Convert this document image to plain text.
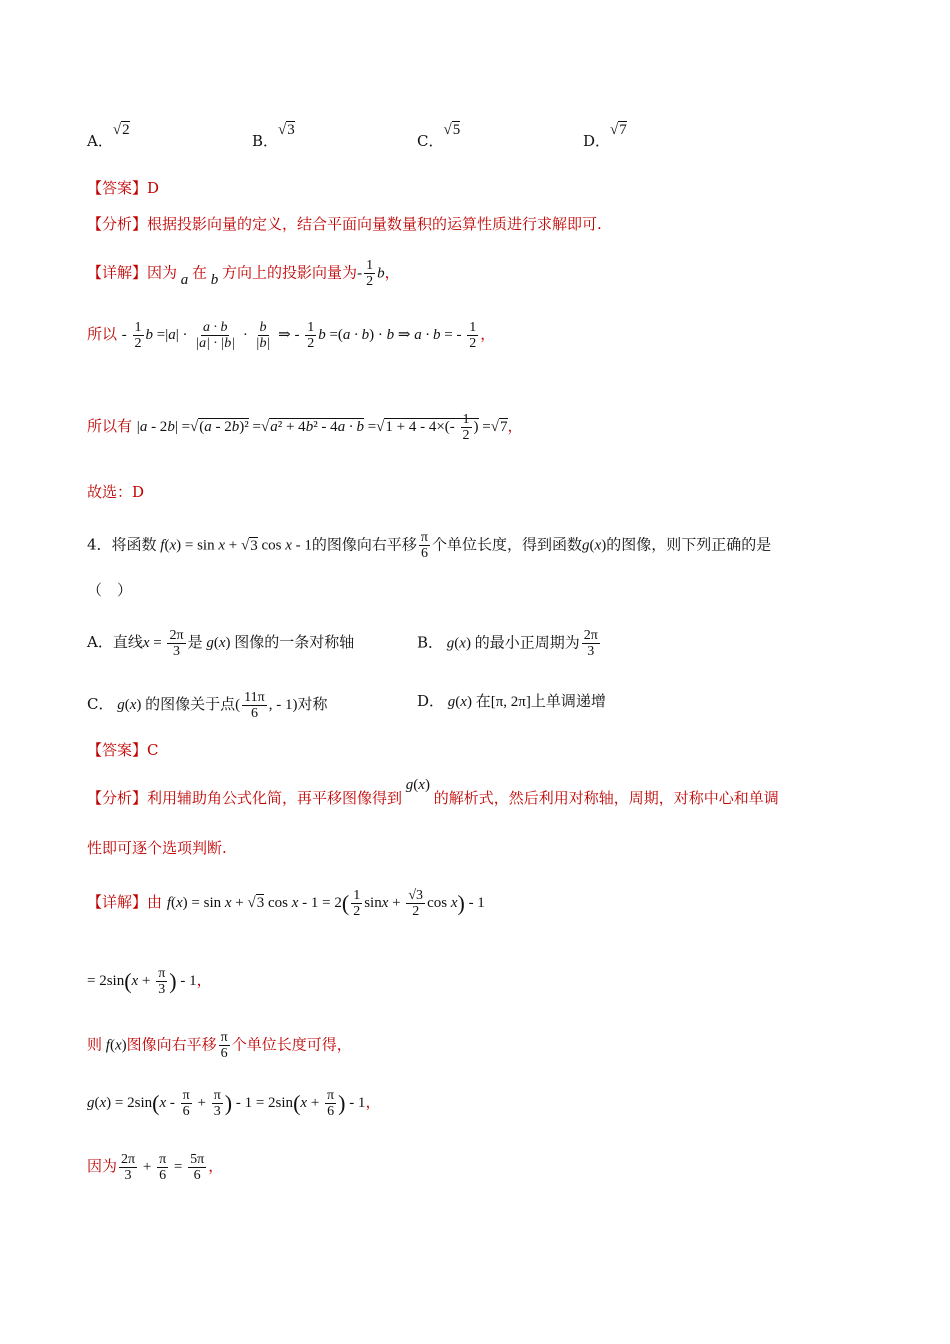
A．√2
B．√3
C．√5
D．√7
【答案】D
【分析】根据投影向量的定义，结合平面向量数量积的运算性质进行求解即可.
【详解】因为 a 在 b 方向上的投影向量为- $\frac{1}{2}$ b，
所以 - $\frac{1}{2}$ $b =|a| \cdot \frac{a \cdot b}{|a| \cdot |b|} \cdot \frac{b}{|b|}$ ⇒ - $\frac{1}{2}$ b =(a · b) · b ⇒ a · b = - $\frac{1}{2}$ ，
所以有 $|a - 2b| =√(a - 2b)^2 =√a^2 + 4b^2 - 4a \cdot b =√1 + 4 - 4\times(- \frac{1}{2}$ ) =√7，
故选：D
4．将函数 f(x) = sin x + √3 cos x - 1的图像向右平移 $\frac{\pi}{6}$ 个单位长度，得到函数g(x)的图像，则下列正确的是
（　）
A．直线$x = \frac{2\pi}{3}$ 是 g(x) 图像的一条对称轴	B． g(x) 的最小正周期为 $\frac{2\pi}{3}$
C． g(x) 的图像关于点( $\frac{11\pi}{6}$ , - 1)对称	D． g(x) 在[π, 2π]上单调递增
【答案】C
【分析】利用辅助角公式化简，再平移图像得到 g(x) 的解析式，然后利用对称轴，周期，对称中心和单调
性即可逐个选项判断.
【详解】由 f(x) = sin x + √3 $\cos x - 1 = 2( \frac{1}{2}$ $\sin x + \frac{√3}{2}$ cos x) - 1
= $2\sin(x + \frac{\pi}{3}$ ) - 1，
则 f(x)图像向右平移 $\frac{\pi}{6}$ 个单位长度可得，
$g(x) = 2\sin(x - \frac{\pi}{6} + \frac{\pi}{3}$ ) - $1 = 2\sin(x + \frac{\pi}{6}$ ) - 1，
因为 $\frac{2\pi}{3} + \frac{\pi}{6} = \frac{5\pi}{6}$ ，
